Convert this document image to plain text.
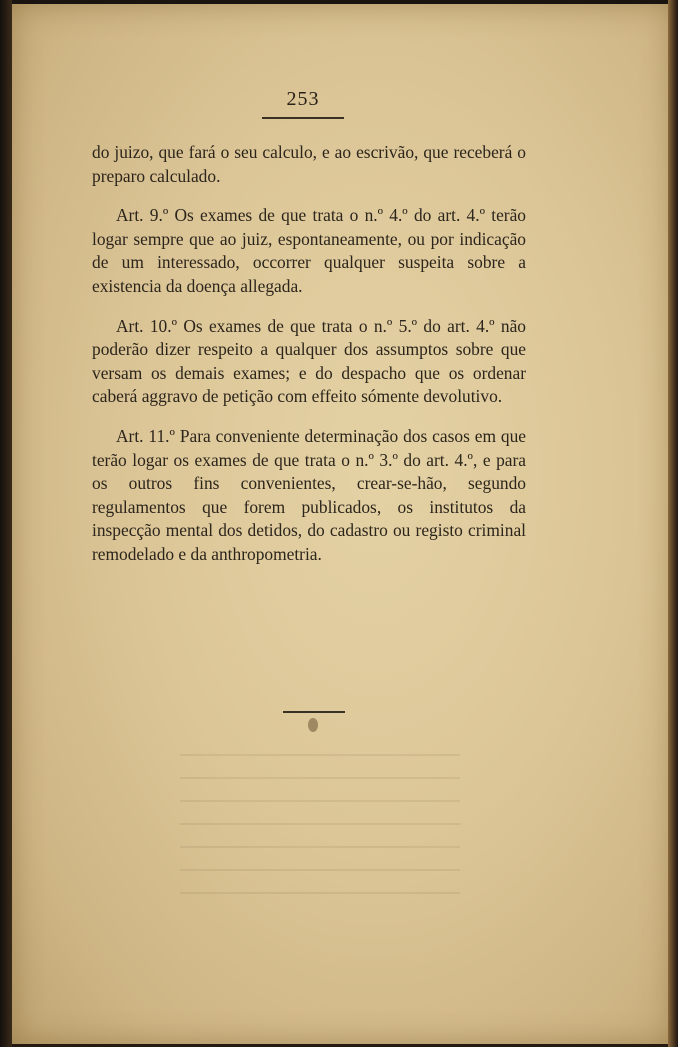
253

do juizo, que fará o seu calculo, e ao escrivão, que receberá o preparo calculado.

Art. 9.º Os exames de que trata o n.º 4.º do art. 4.º terão logar sempre que ao juiz, espontaneamente, ou por indicação de um interessado, occorrer qualquer suspeita sobre a existencia da doença allegada.

Art. 10.º Os exames de que trata o n.º 5.º do art. 4.º não poderão dizer respeito a qualquer dos assumptos sobre que versam os demais exames; e do despacho que os ordenar caberá aggravo de petição com effeito sómente devolutivo.

Art. 11.º Para conveniente determinação dos casos em que terão logar os exames de que trata o n.º 3.º do art. 4.º, e para os outros fins convenientes, crear-se-hão, segundo regulamentos que forem publicados, os institutos da inspecção mental dos detidos, do cadastro ou registo criminal remodelado e da anthropometria.
